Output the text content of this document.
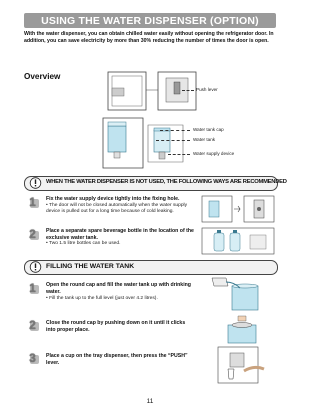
USING THE WATER DISPENSER (OPTION)
With the water dispenser, you can obtain chilled water easily without opening the refrigerator door. In addition, you can save electricity by more than 30% reducing the number of times the door is open.
Overview
Push lever
Water tank cap
Water tank
Water supply device
WHEN THE WATER DISPENSER IS NOT USED, THE FOLLOWING WAYS ARE RECOMMENDED
1 Fix the water supply device tightly into the fixing hole.
• The door will not be closed automatically when the water supply device is pulled out for a long time because of cold leaking.
2 Place a separate spare beverage bottle in the location of the exclusive water tank.
• Two 1.5 litre bottles can be used.
FILLING THE WATER TANK
1 Open the round cap and fill the water tank up with drinking water.
• Fill the tank up to the full level (just over 4.2 litres).
2 Close the round cap by pushing down on it until it clicks into proper place.
3 Place a cup on the tray dispenser, then press the “PUSH” lever.
11
